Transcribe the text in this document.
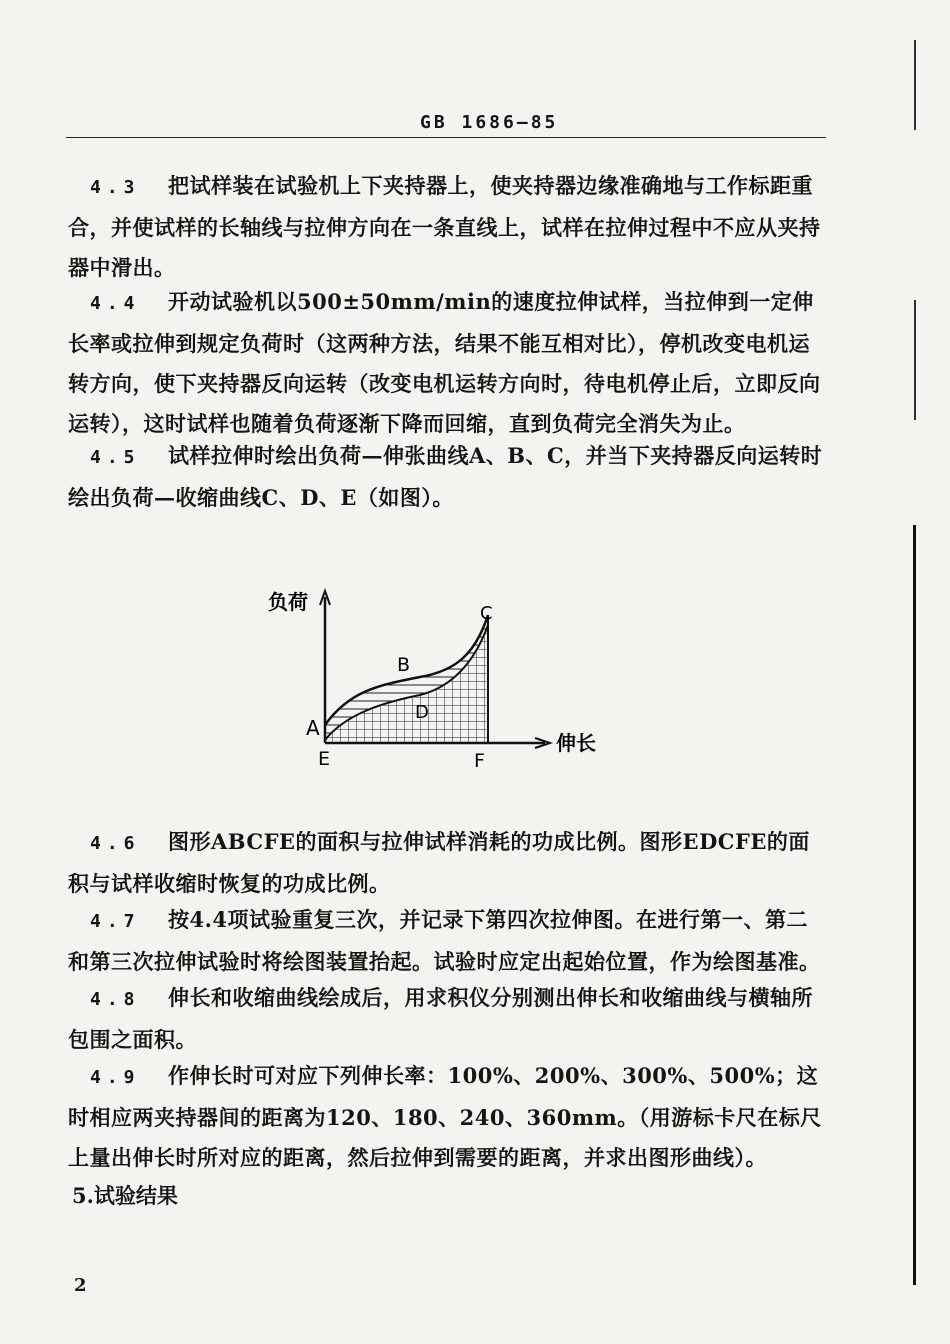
GB 1686—85
4.3 把试样装在试验机上下夹持器上，使夹持器边缘准确地与工作标距重合，并使试样的长轴线与拉伸方向在一条直线上，试样在拉伸过程中不应从夹持器中滑出。
4.4 开动试验机以500±50mm/min的速度拉伸试样，当拉伸到一定伸长率或拉伸到规定负荷时（这两种方法，结果不能互相对比），停机改变电机运转方向，使下夹持器反向运转（改变电机运转方向时，待电机停止后，立即反向运转），这时试样也随着负荷逐渐下降而回缩，直到负荷完全消失为止。
4.5 试样拉伸时绘出负荷—伸张曲线A、B、C，并当下夹持器反向运转时绘出负荷—收缩曲线C、D、E（如图）。
负荷
伸长
A
B
C
D
E	F
4.6 图形ABCFE的面积与拉伸试样消耗的功成比例。图形EDCFE的面积与试样收缩时恢复的功成比例。
4.7 按4.4项试验重复三次，并记录下第四次拉伸图。在进行第一、第二和第三次拉伸试验时将绘图装置抬起。试验时应定出起始位置，作为绘图基准。
4.8 伸长和收缩曲线绘成后，用求积仪分别测出伸长和收缩曲线与横轴所包围之面积。
4.9 作伸长时可对应下列伸长率：100%、200%、300%、500%；这时相应两夹持器间的距离为120、180、240、360mm。（用游标卡尺在标尺上量出伸长时所对应的距离，然后拉伸到需要的距离，并求出图形曲线）。
5.试验结果
2
